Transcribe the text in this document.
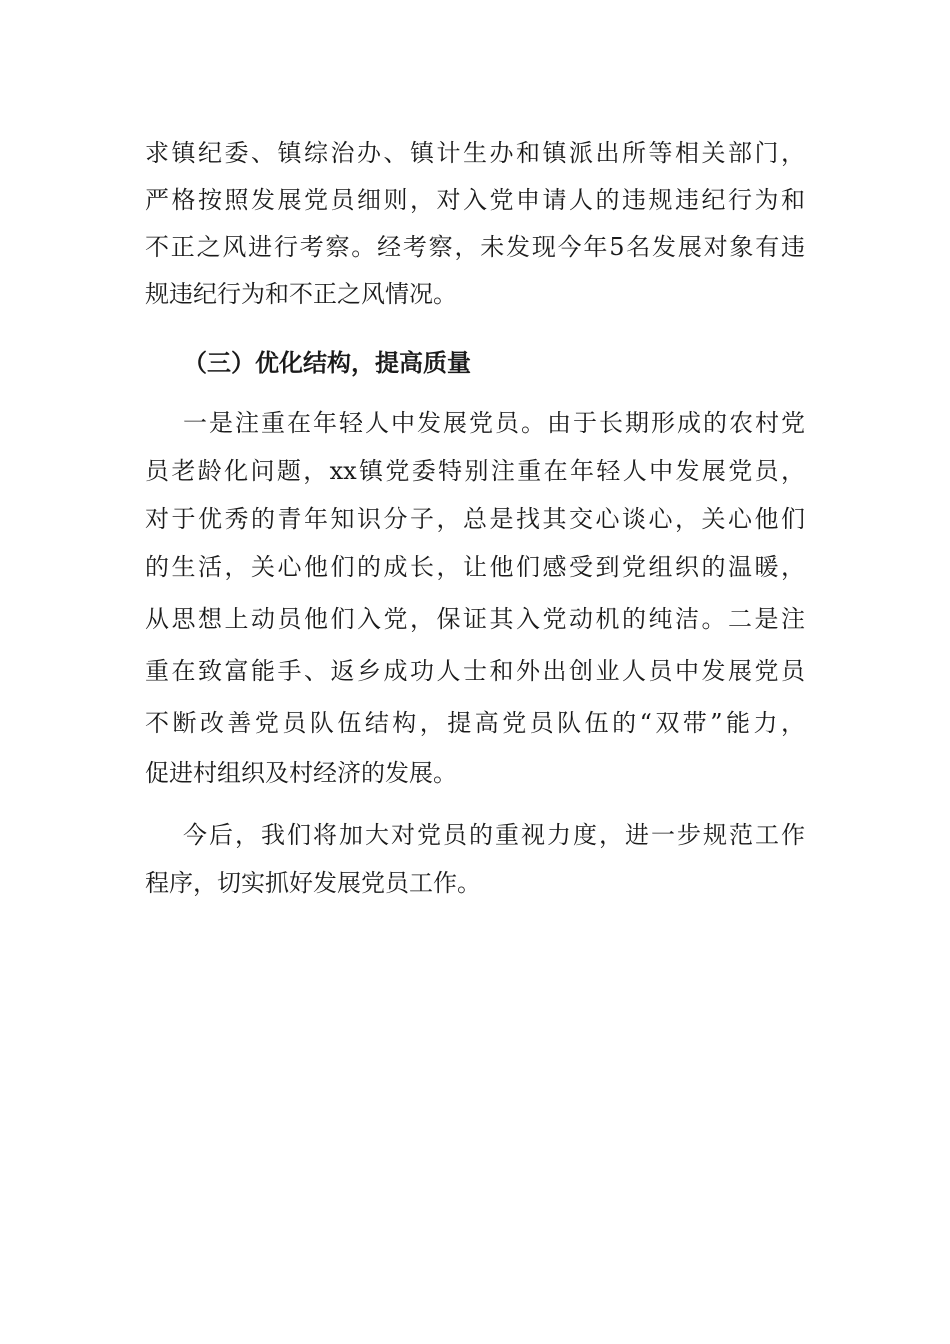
求镇纪委、镇综治办、镇计生办和镇派出所等相关部门，
严格按照发展党员细则，对入党申请人的违规违纪行为和
不正之风进行考察。经考察，未发现今年5名发展对象有违
规违纪行为和不正之风情况。
（三）优化结构，提高质量
一是注重在年轻人中发展党员。由于长期形成的农村党
员老龄化问题，xx镇党委特别注重在年轻人中发展党员，
对于优秀的青年知识分子，总是找其交心谈心，关心他们
的生活，关心他们的成长，让他们感受到党组织的温暖，
从思想上动员他们入党，保证其入党动机的纯洁。二是注
重在致富能手、返乡成功人士和外出创业人员中发展党员
不断改善党员队伍结构，提高党员队伍的“双带”能力，
促进村组织及村经济的发展。
今后，我们将加大对党员的重视力度，进一步规范工作
程序，切实抓好发展党员工作。
